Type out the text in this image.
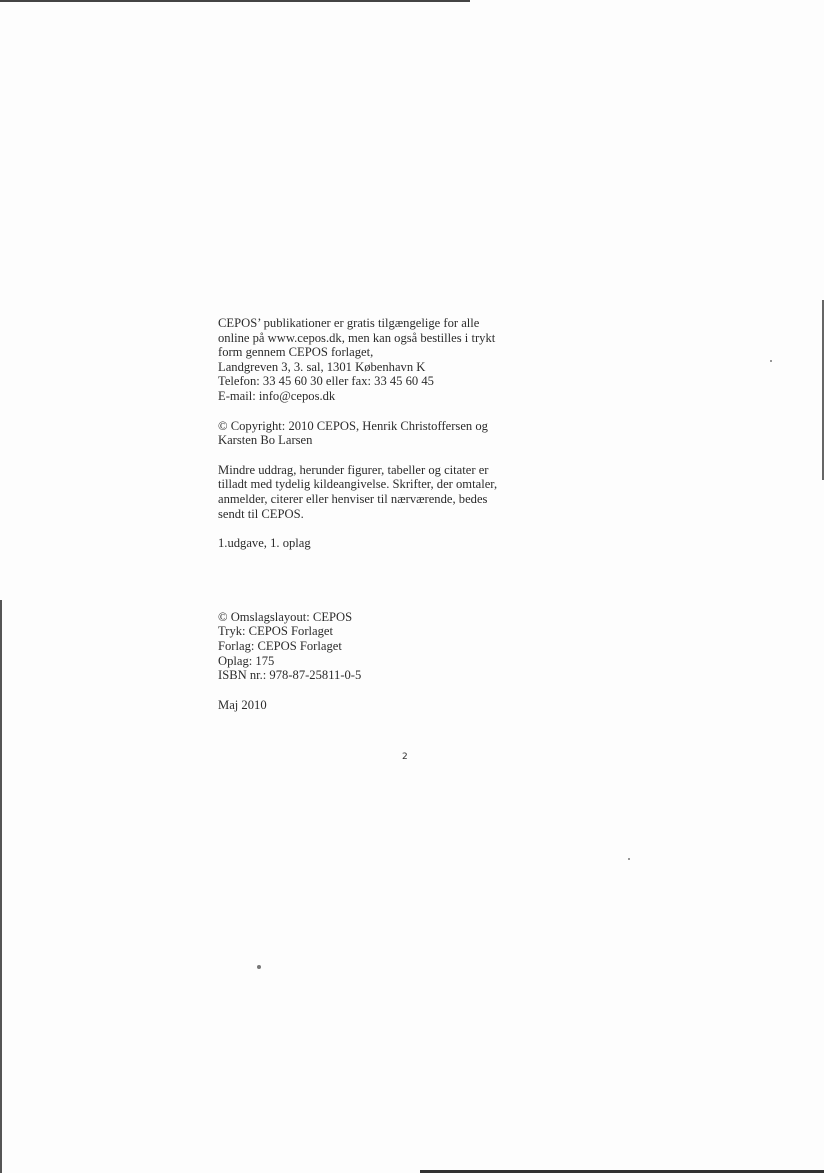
CEPOS’ publikationer er gratis tilgængelige for alle
online på www.cepos.dk, men kan også bestilles i trykt
form gennem CEPOS forlaget,
Landgreven 3, 3. sal, 1301 København K
Telefon: 33 45 60 30 eller fax: 33 45 60 45
E-mail: info@cepos.dk

© Copyright: 2010 CEPOS, Henrik Christoffersen og
Karsten Bo Larsen

Mindre uddrag, herunder figurer, tabeller og citater er
tilladt med tydelig kildeangivelse. Skrifter, der omtaler,
anmelder, citerer eller henviser til nærværende, bedes
sendt til CEPOS.

1.udgave, 1. oplag

© Omslagslayout: CEPOS
Tryk: CEPOS Forlaget
Forlag: CEPOS Forlaget
Oplag: 175
ISBN nr.: 978-87-25811-0-5

Maj 2010

2
